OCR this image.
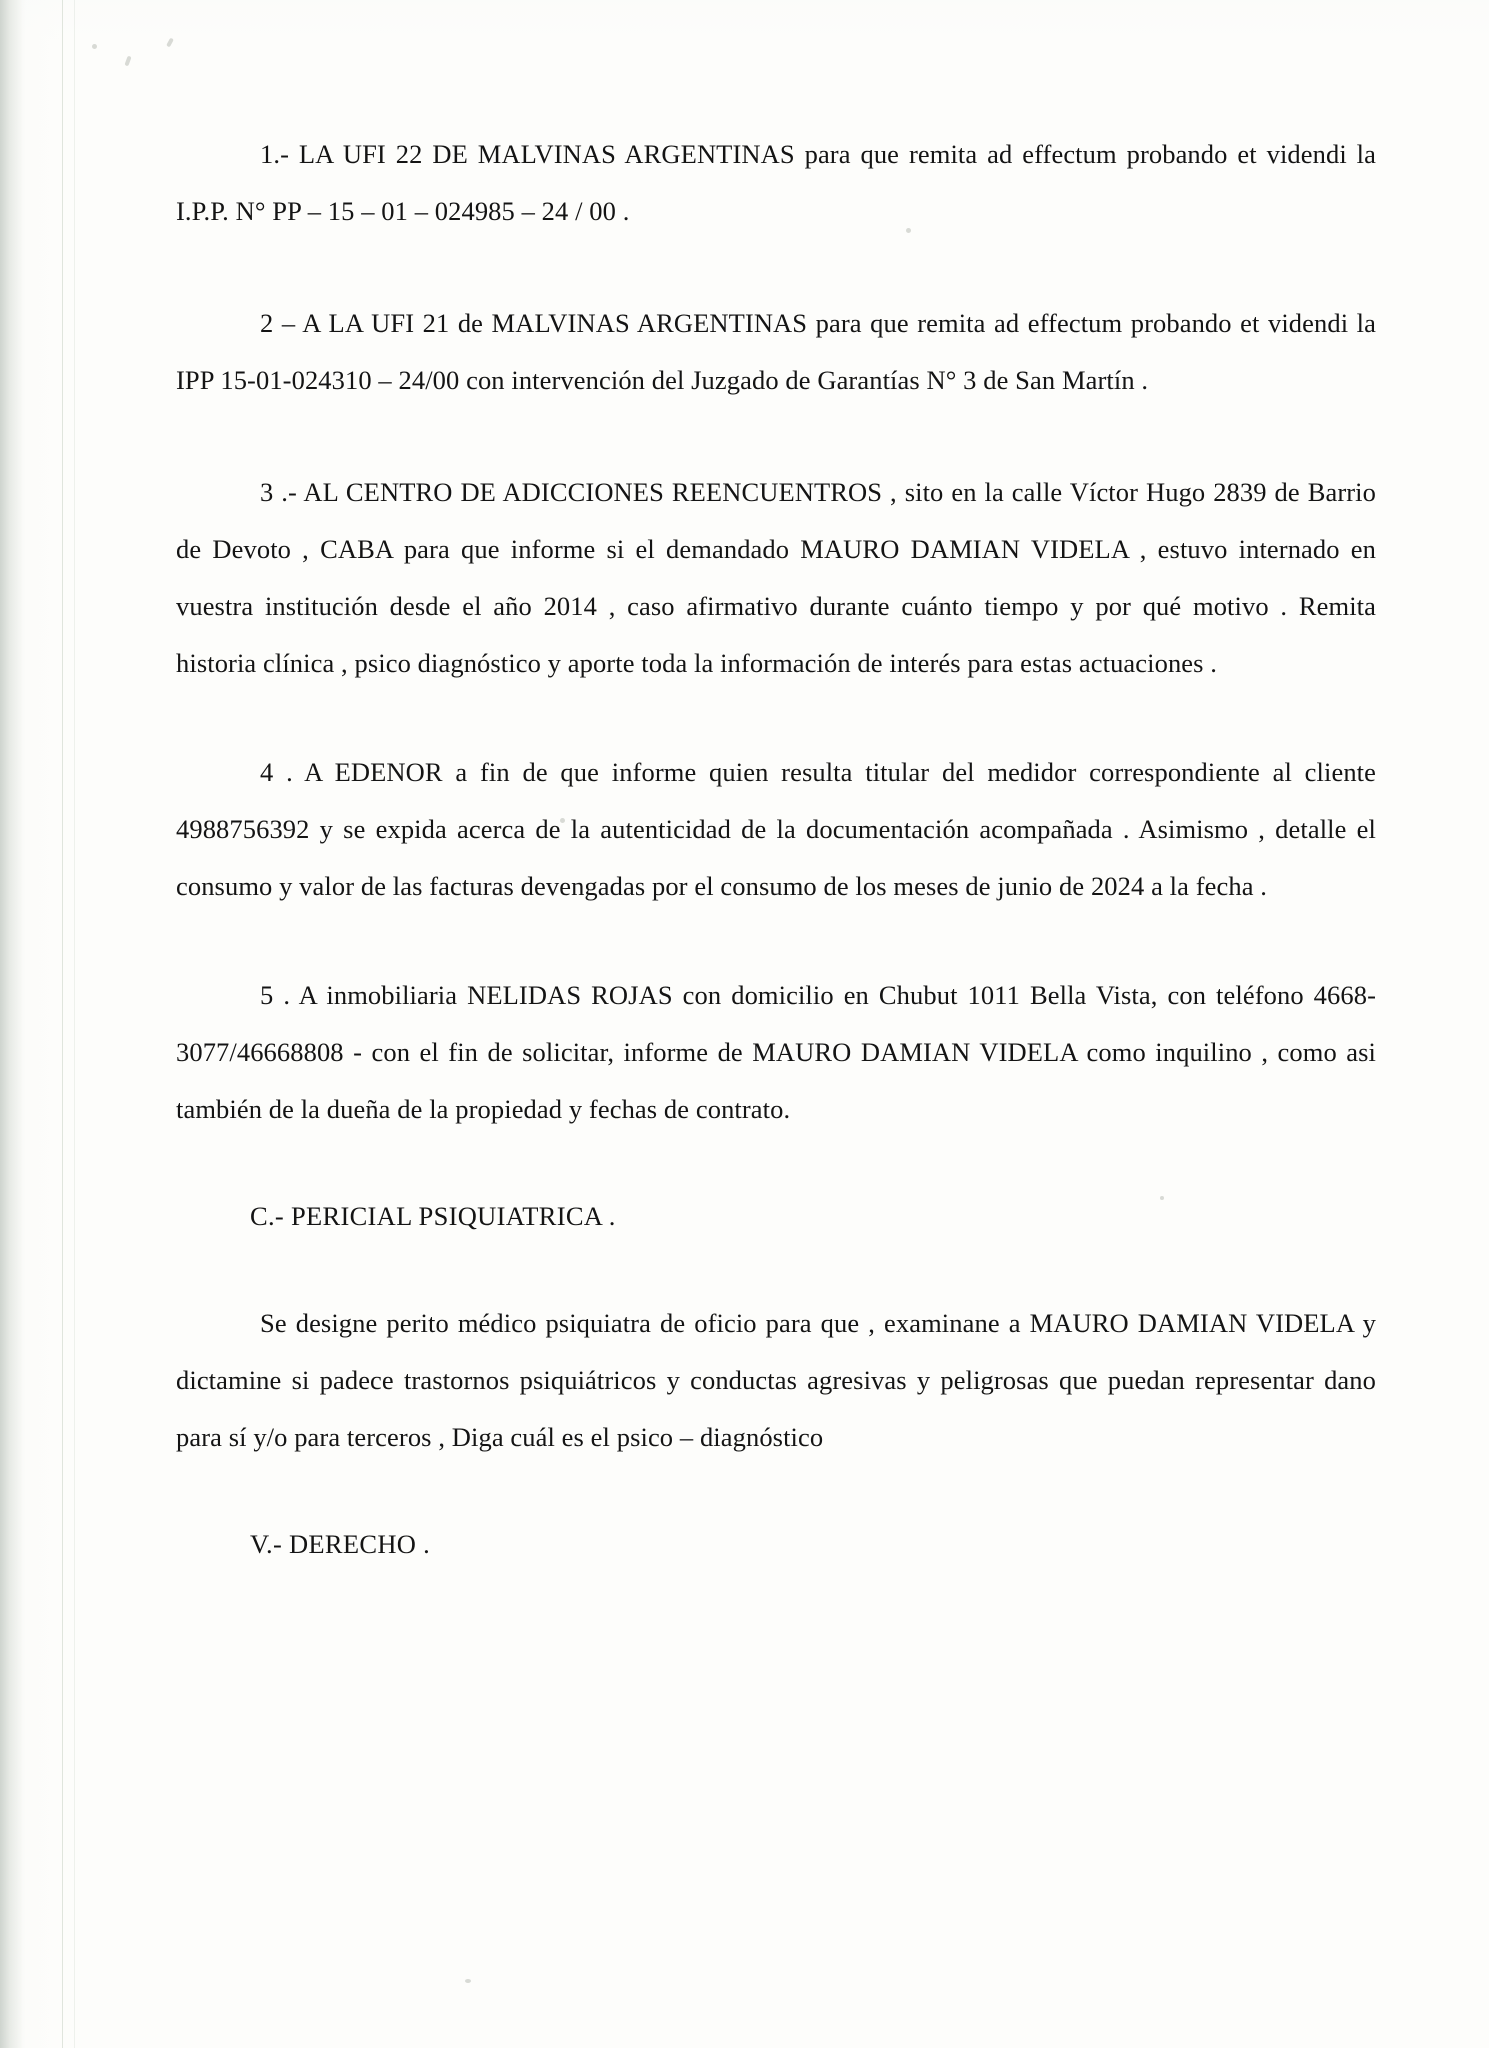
1.- LA UFI 22 DE MALVINAS ARGENTINAS para que remita ad effectum probando et videndi la I.P.P. N° PP – 15 – 01 – 024985 – 24 / 00 .

2 – A LA UFI 21 de MALVINAS ARGENTINAS para que remita ad effectum probando et videndi la IPP 15-01-024310 – 24/00 con intervención del Juzgado de Garantías N° 3 de San Martín .

3 .- AL CENTRO DE ADICCIONES REENCUENTROS , sito en la calle Víctor Hugo 2839 de Barrio de Devoto , CABA para que informe si el demandado MAURO DAMIAN VIDELA , estuvo internado en vuestra institución desde el año 2014 , caso afirmativo durante cuánto tiempo y por qué motivo . Remita historia clínica , psico diagnóstico y aporte toda la información de interés para estas actuaciones .

4 . A EDENOR a fin de que informe quien resulta titular del medidor correspondiente al cliente 4988756392 y se expida acerca de la autenticidad de la documentación acompañada . Asimismo , detalle el consumo y valor de las facturas devengadas por el consumo de los meses de junio de 2024 a la fecha .

5 . A inmobiliaria NELIDAS ROJAS con domicilio en Chubut 1011 Bella Vista, con teléfono 4668-3077/46668808 - con el fin de solicitar, informe de MAURO DAMIAN VIDELA como inquilino , como asi también de la dueña de la propiedad y fechas de contrato.

C.- PERICIAL PSIQUIATRICA .

Se designe perito médico psiquiatra de oficio para que , examinane a MAURO DAMIAN VIDELA y dictamine si padece trastornos psiquiátricos y conductas agresivas y peligrosas que puedan representar dano para sí y/o para terceros , Diga cuál es el psico – diagnóstico

V.- DERECHO .
